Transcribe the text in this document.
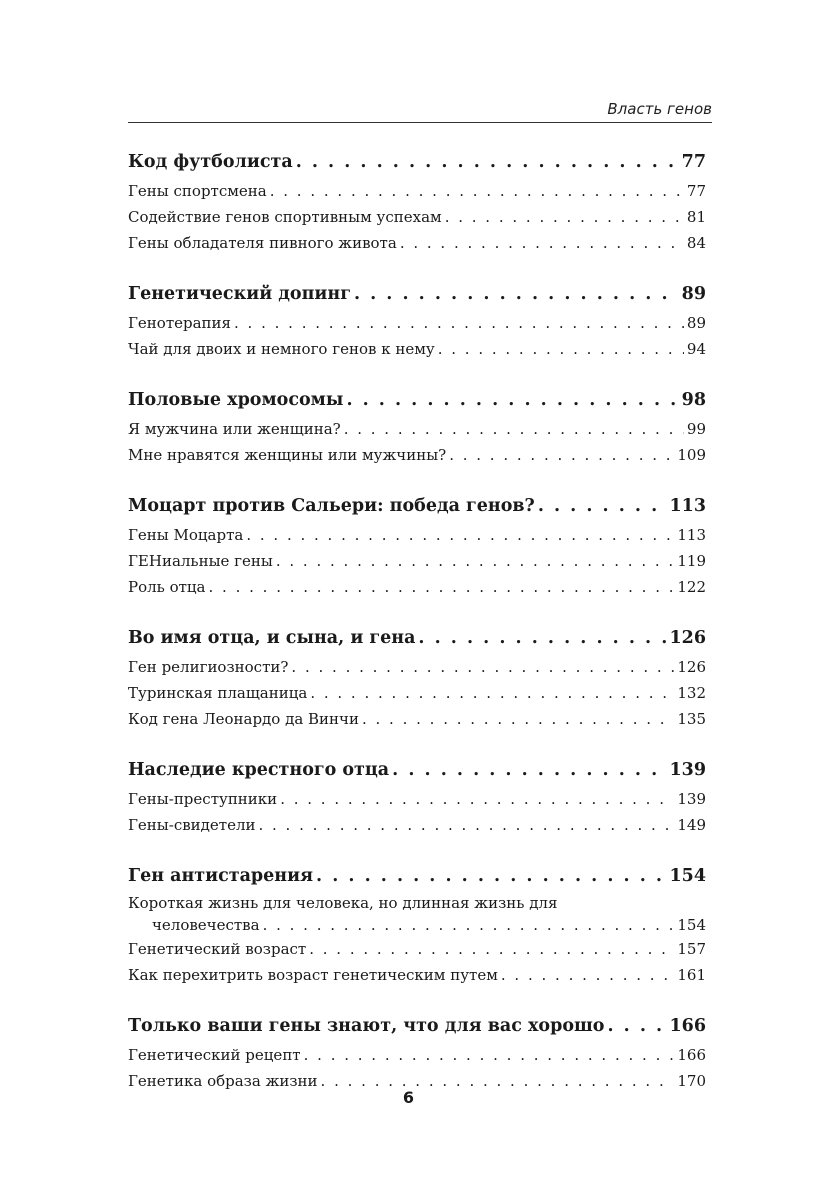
Власть генов
Код футболиста . . .	77
Гены спортсмена . . .	77
Содействие генов спортивным успехам . . .	81
Гены обладателя пивного живота . . .	84
Генетический допинг . . .	89
Генотерапия . . .	89
Чай для двоих и немного генов к нему . . .	94
Половые хромосомы . . .	98
Я мужчина или женщина? . . .	99
Мне нравятся женщины или мужчины? . . .	109
Моцарт против Сальери: победа генов? . . .	113
Гены Моцарта . . .	113
ГЕНиальные гены . . .	119
Роль отца . . .	122
Во имя отца, и сына, и гена . . .	126
Ген религиозности? . . .	126
Туринская плащаница . . .	132
Код гена Леонардо да Винчи . . .	135
Наследие крестного отца . . .	139
Гены-преступники . . .	139
Гены-свидетели . . .	149
Ген антистарения . . .	154
Короткая жизнь для человека, но длинная жизнь для
человечества . . .	154
Генетический возраст . . .	157
Как перехитрить возраст генетическим путем . . .	161
Только ваши гены знают, что для вас хорошо . . .	166
Генетический рецепт . . .	166
Генетика образа жизни . . .	170
6
